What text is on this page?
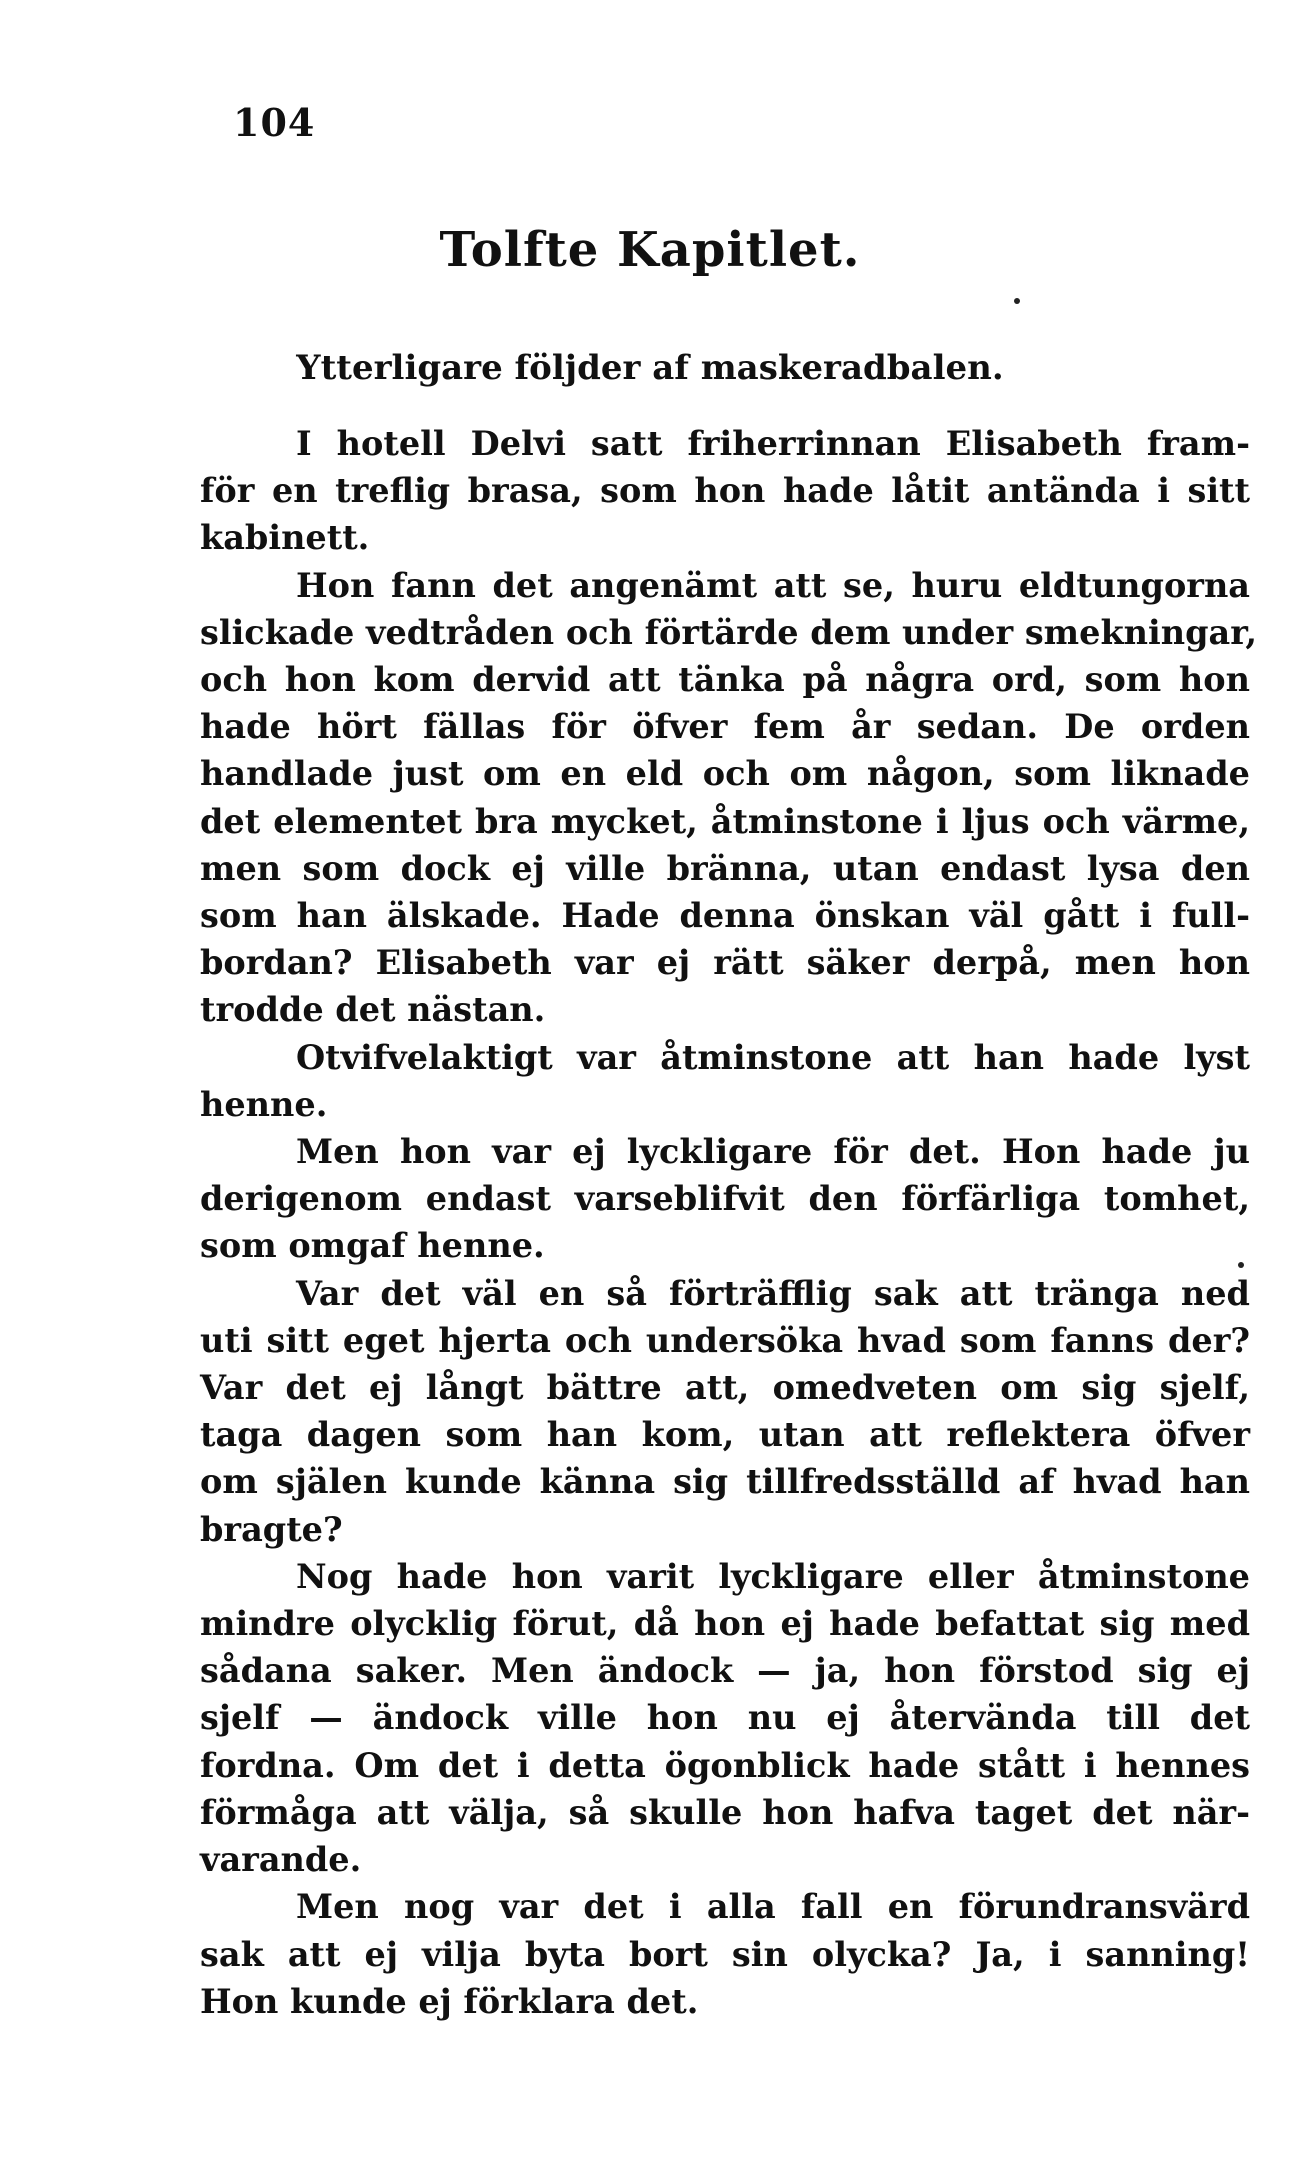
104
Tolfte Kapitlet.
Ytterligare följder af maskeradbalen.
I hotell Delvi satt friherrinnan Elisabeth fram-
för en treflig brasa, som hon hade låtit antända i sitt
kabinett.
Hon fann det angenämt att se, huru eldtungorna
slickade vedtråden och förtärde dem under smekningar,
och hon kom dervid att tänka på några ord, som hon
hade hört fällas för öfver fem år sedan. De orden
handlade just om en eld och om någon, som liknade
det elementet bra mycket, åtminstone i ljus och värme,
men som dock ej ville bränna, utan endast lysa den
som han älskade. Hade denna önskan väl gått i full-
bordan? Elisabeth var ej rätt säker derpå, men hon
trodde det nästan.
Otvifvelaktigt var åtminstone att han hade lyst
henne.
Men hon var ej lyckligare för det. Hon hade ju
derigenom endast varseblifvit den förfärliga tomhet,
som omgaf henne.
Var det väl en så förträfflig sak att tränga ned
uti sitt eget hjerta och undersöka hvad som fanns der?
Var det ej långt bättre att, omedveten om sig sjelf,
taga dagen som han kom, utan att reflektera öfver
om själen kunde känna sig tillfredsställd af hvad han
bragte?
Nog hade hon varit lyckligare eller åtminstone
mindre olycklig förut, då hon ej hade befattat sig med
sådana saker. Men ändock — ja, hon förstod sig ej
sjelf — ändock ville hon nu ej återvända till det
fordna. Om det i detta ögonblick hade stått i hennes
förmåga att välja, så skulle hon hafva taget det när-
varande.
Men nog var det i alla fall en förundransvärd
sak att ej vilja byta bort sin olycka? Ja, i sanning!
Hon kunde ej förklara det.
